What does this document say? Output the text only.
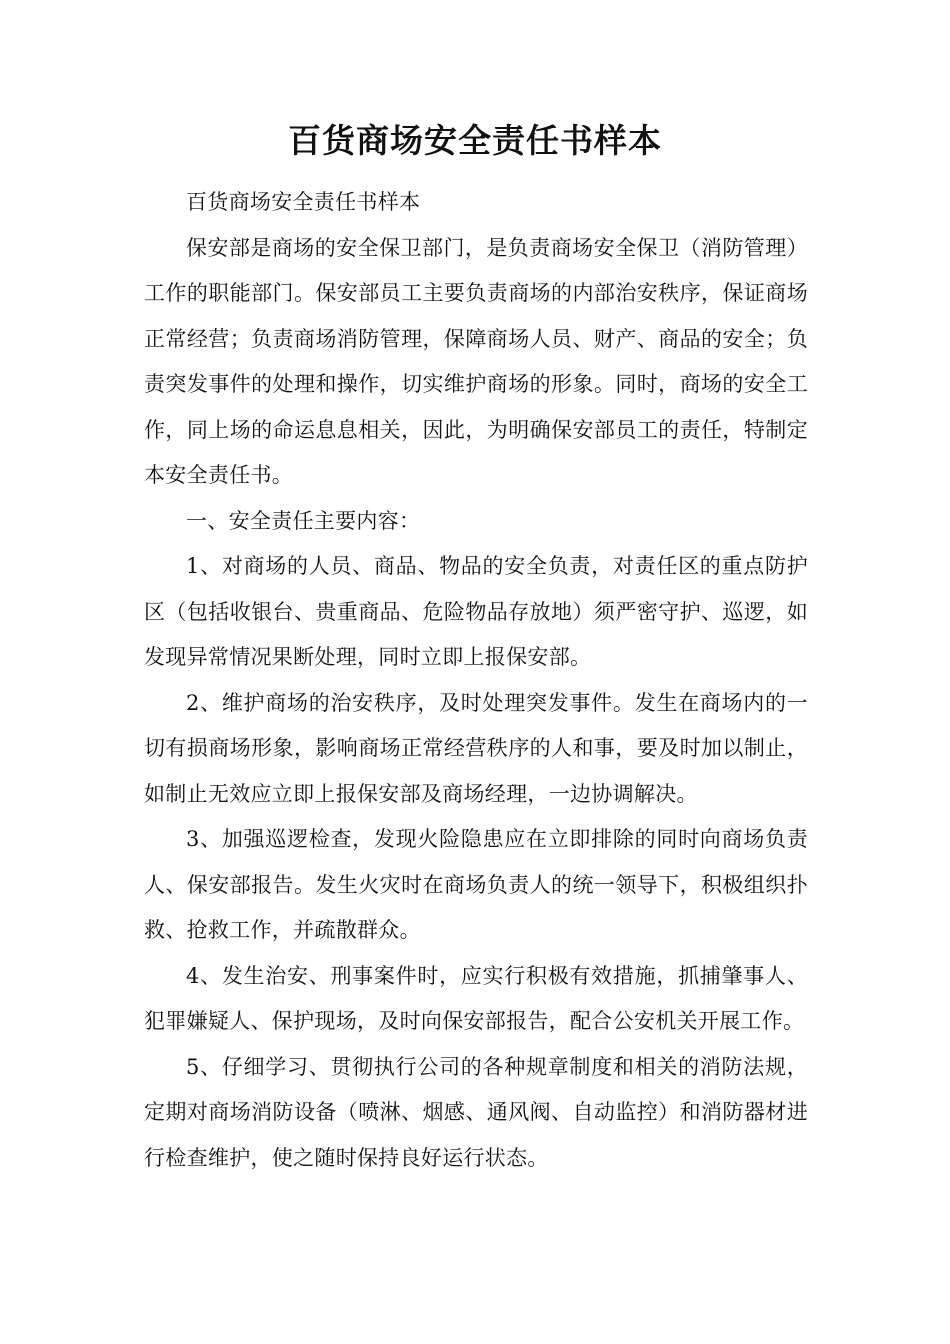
百货商场安全责任书样本

百货商场安全责任书样本

保安部是商场的安全保卫部门，是负责商场安全保卫（消防管理）工作的职能部门。保安部员工主要负责商场的内部治安秩序，保证商场正常经营；负责商场消防管理，保障商场人员、财产、商品的安全；负责突发事件的处理和操作，切实维护商场的形象。同时，商场的安全工作，同上场的命运息息相关，因此，为明确保安部员工的责任，特制定本安全责任书。

一、安全责任主要内容：

1、对商场的人员、商品、物品的安全负责，对责任区的重点防护区（包括收银台、贵重商品、危险物品存放地）须严密守护、巡逻，如发现异常情况果断处理，同时立即上报保安部。

2、维护商场的治安秩序，及时处理突发事件。发生在商场内的一切有损商场形象，影响商场正常经营秩序的人和事，要及时加以制止，如制止无效应立即上报保安部及商场经理，一边协调解决。

3、加强巡逻检查，发现火险隐患应在立即排除的同时向商场负责人、保安部报告。发生火灾时在商场负责人的统一领导下，积极组织扑救、抢救工作，并疏散群众。

4、发生治安、刑事案件时，应实行积极有效措施，抓捕肇事人、犯罪嫌疑人、保护现场，及时向保安部报告，配合公安机关开展工作。

5、仔细学习、贯彻执行公司的各种规章制度和相关的消防法规，定期对商场消防设备（喷淋、烟感、通风阀、自动监控）和消防器材进行检查维护，使之随时保持良好运行状态。
